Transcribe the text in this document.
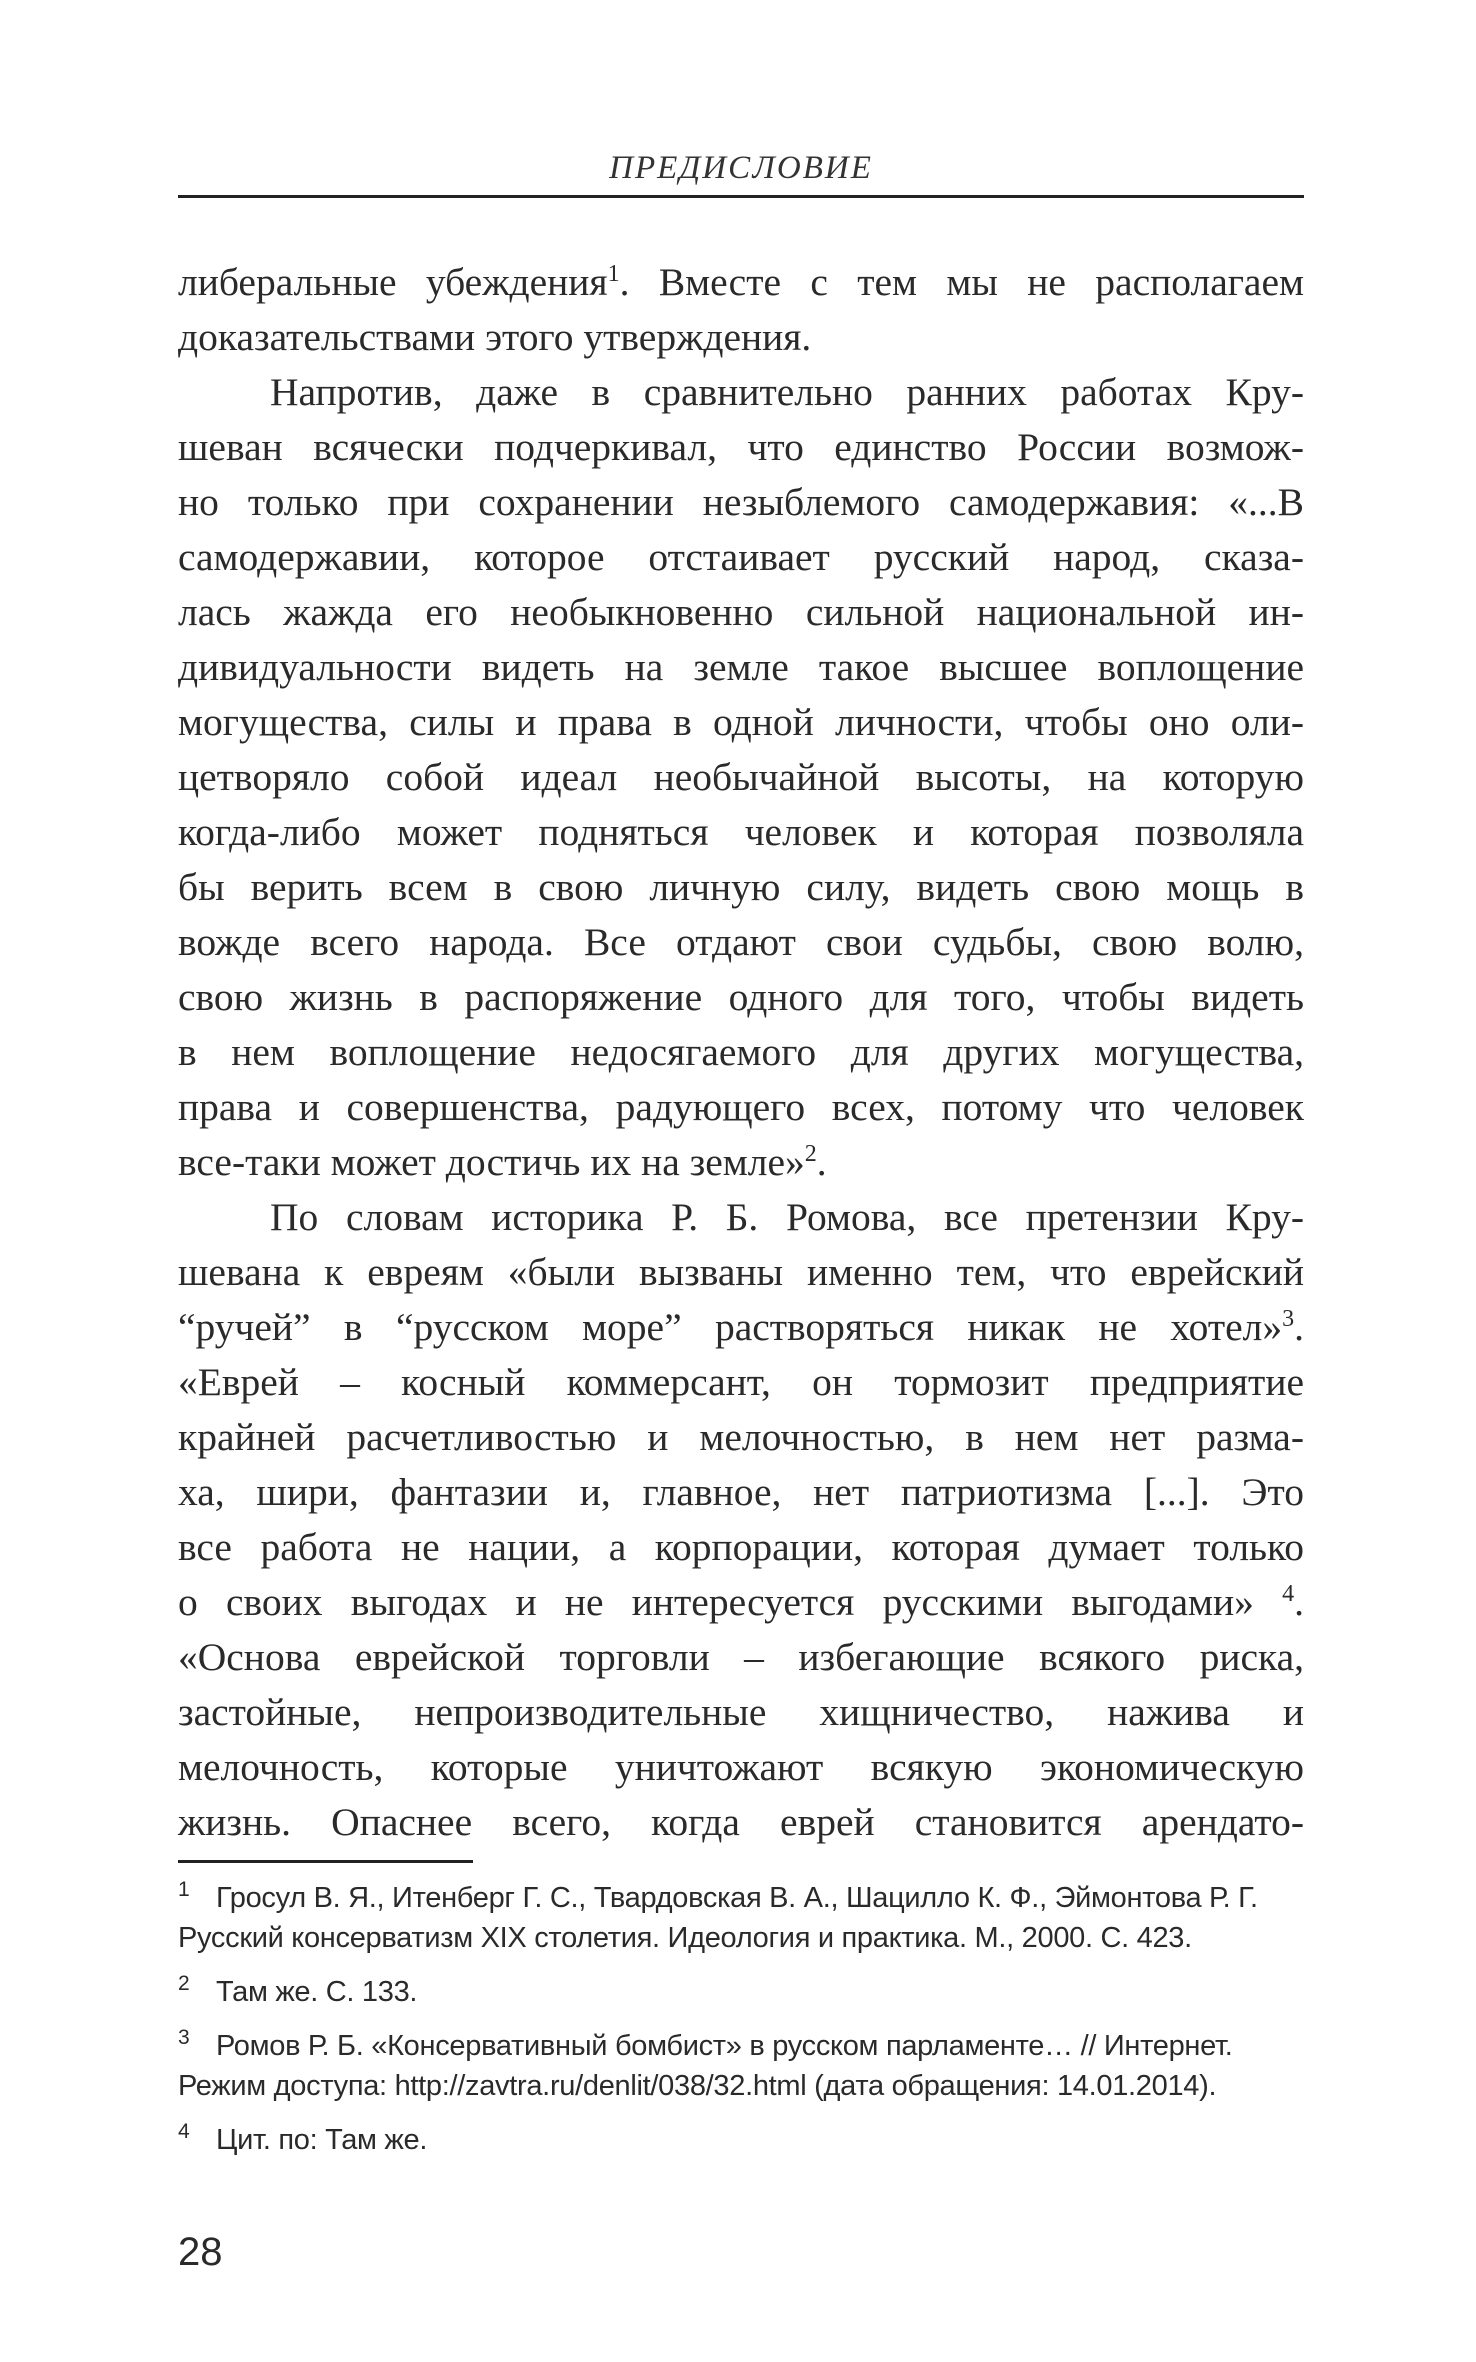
ПРЕДИСЛОВИЕ
либеральные убеждения$^1$. Вместе с тем мы не располагаем
доказательствами этого утверждения.
Напротив, даже в сравнительно ранних работах Кру-
шеван всячески подчеркивал, что единство России возмож-
но только при сохранении незыблемого самодержавия: «...В
самодержавии, которое отстаивает русский народ, сказа-
лась жажда его необыкновенно сильной национальной ин-
дивидуальности видеть на земле такое высшее воплощение
могущества, силы и права в одной личности, чтобы оно оли-
цетворяло собой идеал необычайной высоты, на которую
когда-либо может подняться человек и которая позволяла
бы верить всем в свою личную силу, видеть свою мощь в
вожде всего народа. Все отдают свои судьбы, свою волю,
свою жизнь в распоряжение одного для того, чтобы видеть
в нем воплощение недосягаемого для других могущества,
права и совершенства, радующего всех, потому что человек
все-таки может достичь их на земле»$^2$.
По словам историка Р. Б. Ромова, все претензии Кру-
шевана к евреям «были вызваны именно тем, что еврейский
“ручей” в “русском море” растворяться никак не хотел»$^3$.
«Еврей – косный коммерсант, он тормозит предприятие
крайней расчетливостью и мелочностью, в нем нет разма-
ха, шири, фантазии и, главное, нет патриотизма [...]. Это
все работа не нации, а корпорации, которая думает только
о своих выгодах и не интересуется русскими выгодами» $^4$.
«Основа еврейской торговли – избегающие всякого риска,
застойные, непроизводительные хищничество, нажива и
мелочность, которые уничтожают всякую экономическую
жизнь. Опаснее всего, когда еврей становится арендато-
1 Гросул В. Я., Итенберг Г. С., Твардовская В. А., Шацилло К. Ф., Эймонтова Р. Г.
Русский консерватизм XIX столетия. Идеология и практика. М., 2000. С. 423.
2 Там же. С. 133.
3 Ромов Р. Б. «Консервативный бомбист» в русском парламенте… // Интернет.
Режим доступа: http://zavtra.ru/denlit/038/32.html (дата обращения: 14.01.2014).
4 Цит. по: Там же.
28
